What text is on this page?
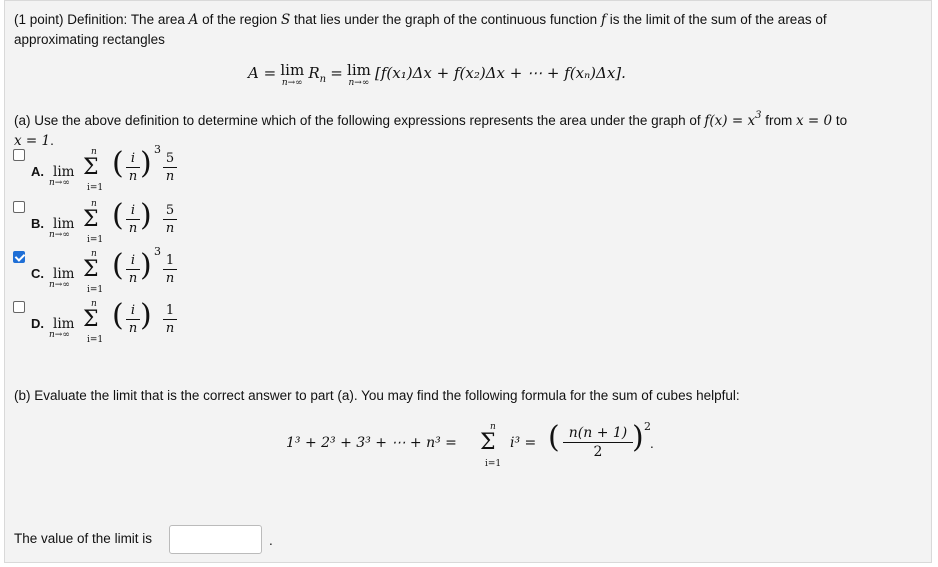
(1 point) Definition: The area A of the region S that lies under the graph of the continuous function f is the limit of the sum of the areas of
approximating rectangles
A = lim
n→∞
$R_n = \lim$
n→∞
[f(x₁)Δx + f(x₂)Δx + ⋯ + f(xₙ)Δx].
(a) Use the above definition to determine which of the following expressions represents the area under the graph of $f(x) = x^3$ from x = 0 to
x = 1.
A. lim
n→∞
n
Σ
i=1
( i
n ) 3
5
n
B. lim
n→∞
n
Σ
i=1
( i
n ) 5
n
C. lim
n→∞
n
Σ
i=1
( i
n ) 3
1
n
D. lim
n→∞
n
Σ
i=1
( i
n ) 1
n
(b) Evaluate the limit that is the correct answer to part (a). You may find the following formula for the sum of cubes helpful:
1³ + 2³ + 3³ + ⋯ + n³ =
n
Σ
i=1
i³ = ( n(n + 1)
2 ) 2
.
The value of the limit is	.
